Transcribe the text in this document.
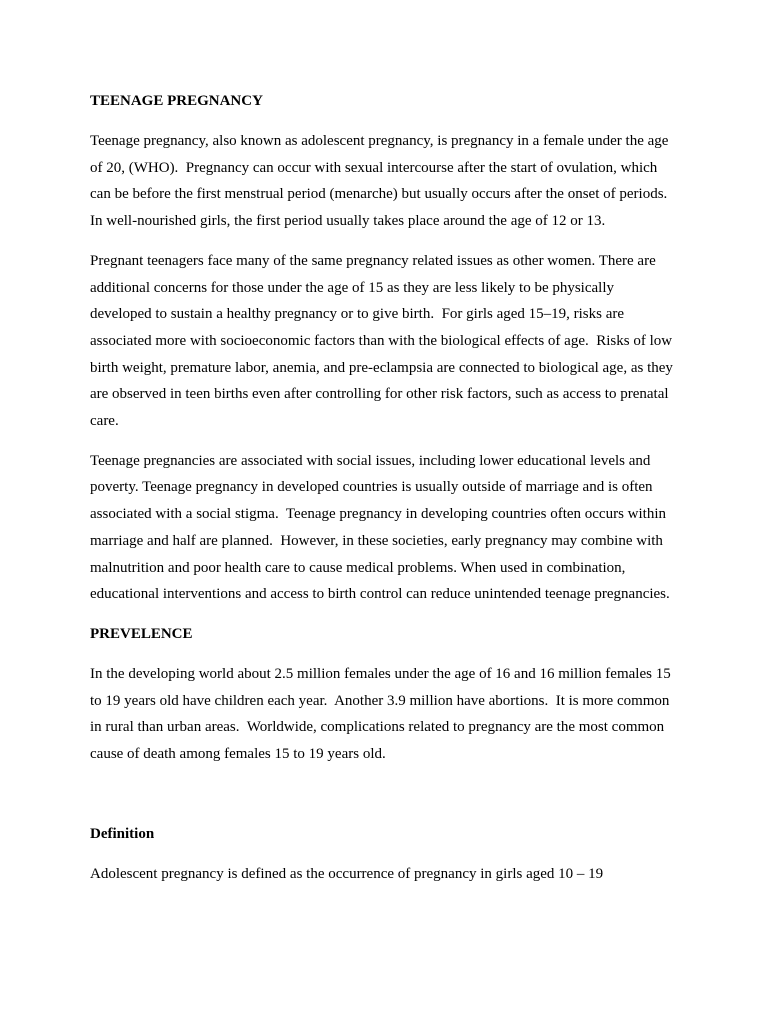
TEENAGE PREGNANCY
Teenage pregnancy, also known as adolescent pregnancy, is pregnancy in a female under the age
of 20, (WHO).  Pregnancy can occur with sexual intercourse after the start of ovulation, which
can be before the first menstrual period (menarche) but usually occurs after the onset of periods.
In well-nourished girls, the first period usually takes place around the age of 12 or 13.
Pregnant teenagers face many of the same pregnancy related issues as other women. There are
additional concerns for those under the age of 15 as they are less likely to be physically
developed to sustain a healthy pregnancy or to give birth.  For girls aged 15–19, risks are
associated more with socioeconomic factors than with the biological effects of age.  Risks of low
birth weight, premature labor, anemia, and pre-eclampsia are connected to biological age, as they
are observed in teen births even after controlling for other risk factors, such as access to prenatal
care.
Teenage pregnancies are associated with social issues, including lower educational levels and
poverty. Teenage pregnancy in developed countries is usually outside of marriage and is often
associated with a social stigma.  Teenage pregnancy in developing countries often occurs within
marriage and half are planned.  However, in these societies, early pregnancy may combine with
malnutrition and poor health care to cause medical problems. When used in combination,
educational interventions and access to birth control can reduce unintended teenage pregnancies.
PREVELENCE
In the developing world about 2.5 million females under the age of 16 and 16 million females 15
to 19 years old have children each year.  Another 3.9 million have abortions.  It is more common
in rural than urban areas.  Worldwide, complications related to pregnancy are the most common
cause of death among females 15 to 19 years old.
Definition
Adolescent pregnancy is defined as the occurrence of pregnancy in girls aged 10 – 19
